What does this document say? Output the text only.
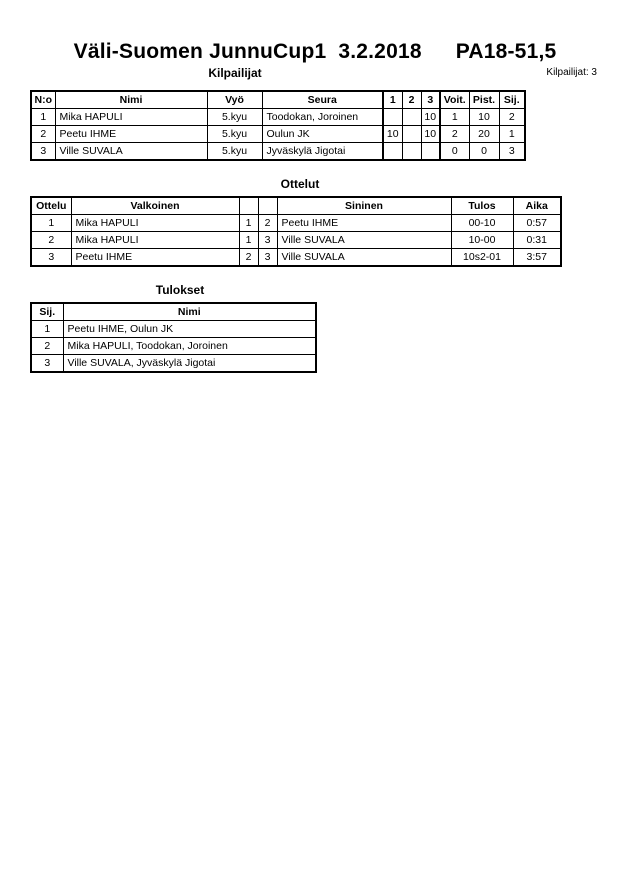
Väli-Suomen JunnuCup1 3.2.2018 PA18-51,5
Kilpailijat: 3
Kilpailijat
N:o	Nimi	Vyö	Seura	1	2	3	Voit.	Pist.	Sij.
1	Mika HAPULI	5.kyu	Toodokan, Joroinen			10	1	10	2
2	Peetu IHME	5.kyu	Oulun JK	10		10	2	20	1
3	Ville SUVALA	5.kyu	Jyväskylä Jigotai				0	0	3
Ottelut
Ottelu	Valkoinen			Sininen	Tulos	Aika
1	Mika HAPULI	1	2	Peetu IHME	00-10	0:57
2	Mika HAPULI	1	3	Ville SUVALA	10-00	0:31
3	Peetu IHME	2	3	Ville SUVALA	10s2-01	3:57
Tulokset
Sij.	Nimi
1	Peetu IHME, Oulun JK
2	Mika HAPULI, Toodokan, Joroinen
3	Ville SUVALA, Jyväskylä Jigotai
